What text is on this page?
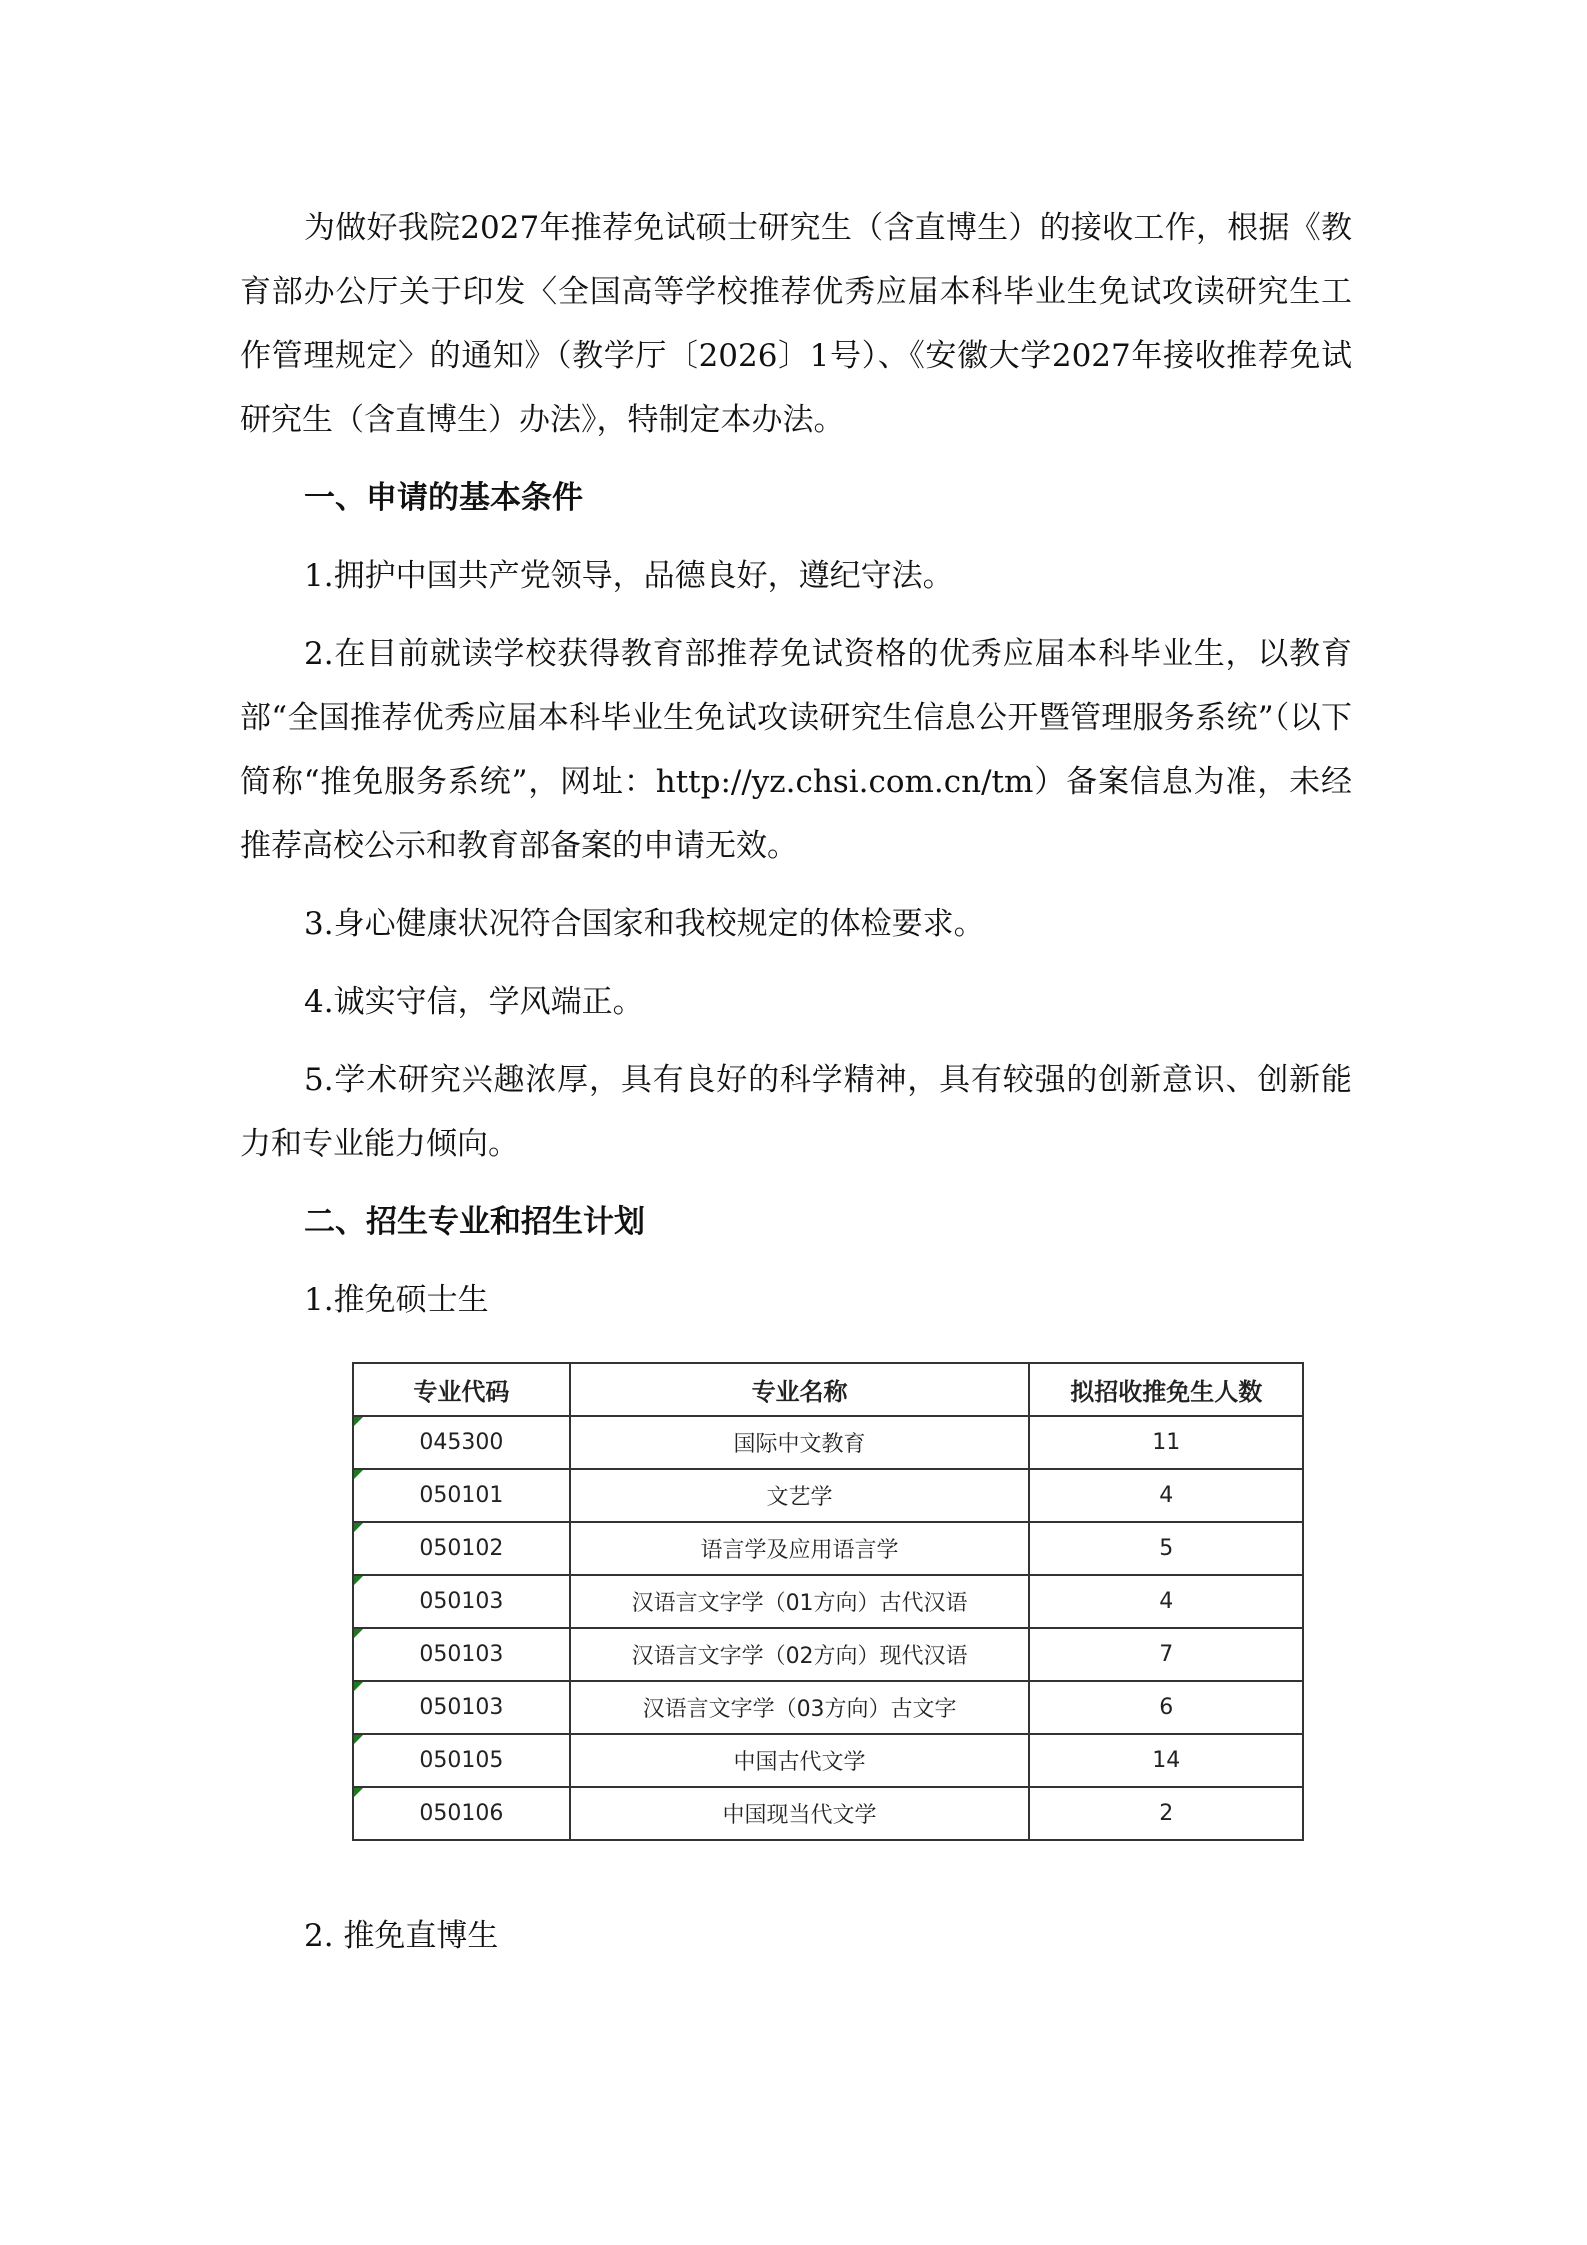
为做好我院2027年推荐免试硕士研究生（含直博生）的接收工作，根据《教育部办公厅关于印发〈全国高等学校推荐优秀应届本科毕业生免试攻读研究生工作管理规定〉的通知》（教学厅〔2026〕1号）、《安徽大学2027年接收推荐免试研究生（含直博生）办法》，特制定本办法。

一、申请的基本条件

1.拥护中国共产党领导，品德良好，遵纪守法。

2.在目前就读学校获得教育部推荐免试资格的优秀应届本科毕业生，以教育部“全国推荐优秀应届本科毕业生免试攻读研究生信息公开暨管理服务系统”（以下简称“推免服务系统”，网址：http://yz.chsi.com.cn/tm）备案信息为准，未经推荐高校公示和教育部备案的申请无效。

3.身心健康状况符合国家和我校规定的体检要求。

4.诚实守信，学风端正。

5.学术研究兴趣浓厚，具有良好的科学精神，具有较强的创新意识、创新能力和专业能力倾向。

二、招生专业和招生计划

1.推免硕士生

专业代码	专业名称	拟招收推免生人数

045300	国际中文教育	11

050101	文艺学	4

050102	语言学及应用语言学	5

050103	汉语言文字学（01方向）古代汉语	4

050103	汉语言文字学（02方向）现代汉语	7

050103	汉语言文字学（03方向）古文字	6

050105	中国古代文学	14

050106	中国现当代文学	2

2. 推免直博生
